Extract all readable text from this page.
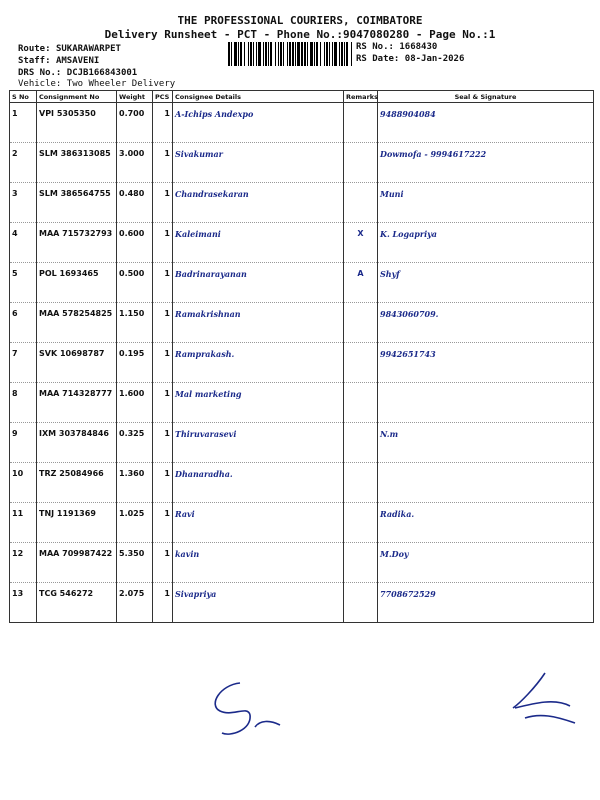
THE PROFESSIONAL COURIERS, COIMBATORE
Delivery Runsheet - PCT - Phone No.:9047080280 - Page No.:1
Route: SUKARAWARPET
Staff: AMSAVENI
DRS No.: DCJB166843001
Vehicle: Two Wheeler Delivery
RS No.: 1668430
RS Date: 08-Jan-2026
S No	Consignment No	Weight	PCS	Consignee Details	Remarks	Seal & Signature
1	VPI 5305350	0.700	1	A-Ichips Andexpo		9488904084
2	SLM 386313085	3.000	1	Sivakumar		Dowmofa - 9994617222
3	SLM 386564755	0.480	1	Chandrasekaran		Muni
4	MAA 715732793	0.600	1	Kaleimani	X	K. Logapriya
5	POL 1693465	0.500	1	Badrinarayanan	A	Shyf
6	MAA 578254825	1.150	1	Ramakrishnan		9843060709.
7	SVK 10698787	0.195	1	Ramprakash.		9942651743
8	MAA 714328777	1.600	1	Mal marketing		
9	IXM 303784846	0.325	1	Thiruvarasevi		N.m
10	TRZ 25084966	1.360	1	Dhanaradha.		
11	TNJ 1191369	1.025	1	Ravi		Radika.
12	MAA 709987422	5.350	1	kavin		M.Doy
13	TCG 546272	2.075	1	Sivapriya		7708672529
